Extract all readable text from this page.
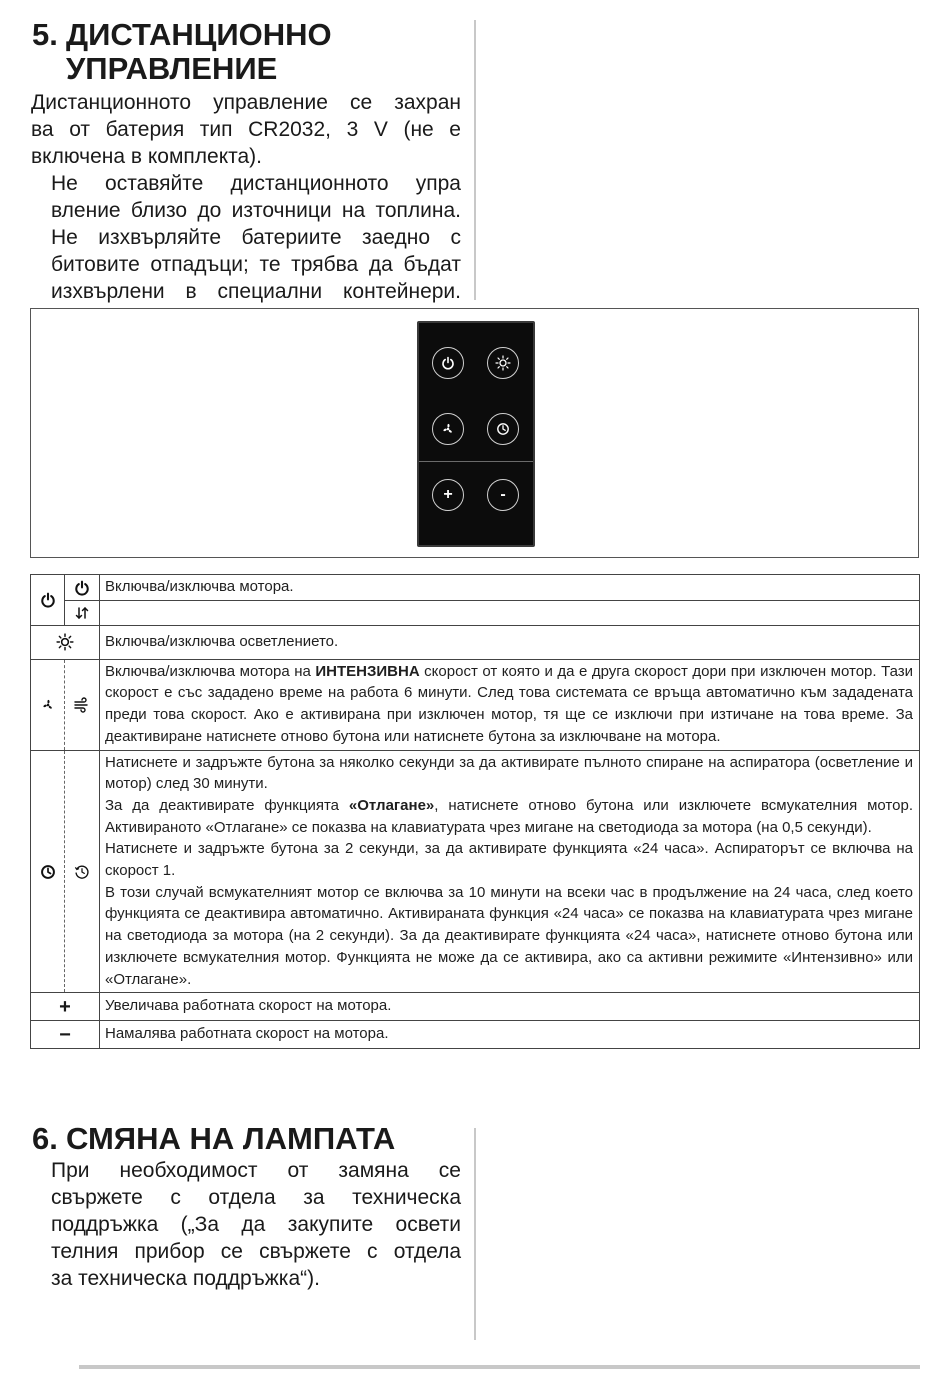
5. ДИСТАНЦИОННО
УПРАВЛЕНИЕ
Дистанционното управление се захран
ва от батерия тип CR2032, 3 V (не е
включена в комплекта).
Не оставяйте дистанционното упра
вление близо до източници на топлина.
Не изхвърляйте батериите заедно с
битовите отпадъци; те трябва да бъдат
изхвърлени в специални контейнери.
+	-
		Включва/изключва мотора.

	Включва/изключва осветлението.
		Включва/изключва мотора на ИНТЕНЗИВНА скорост от която и да е друга скорост дори при изключен мотор. Тази скорост е със зададено време на работа 6 минути. След това системата се връща автоматично към зададената преди това скорост. Ако е активирана при изключен мотор, тя ще се изключи при изтичане на това време. За деактивиране натиснете отново бутона или натиснете бутона за изключване на мотора.

Натиснете и задръжте бутона за няколко секунди за да активирате пълното спиране на аспиратора (осветление и мотор) след 30 минути.

За да деактивирате функцията «Отлагане», натиснете отново бутона или изключете всмукателния мотор. Активираното «Отлагане» се показва на клавиатурата чрез мигане на светодиода за мотора (на 0,5 секунди).

Натиснете и задръжте бутона за 2 секунди, за да активирате функцията «24 часа». Аспираторът се включва на скорост 1.

В този случай всмукателният мотор се включва за 10 минути на всеки час в продължение на 24 часа, след което функцията се деактивира автоматично. Активираната функция «24 часа» се показва на клавиатурата чрез мигане на светодиода за мотора (на 2 секунди). За да деактивирате функцията «24 часа», натиснете отново бутона или изключете всмукателния мотор. Функцията не може да се активира, ако са активни режимите «Интензивно» или «Отлагане».

+		Увеличава работната скорост на мотора.
−		Намалява работната скорост на мотора.
6. СМЯНА НА ЛАМПАТА
При необходимост от замяна се
свържете с отдела за техническа
поддръжка („За да закупите освети
телния прибор се свържете с отдела
за техническа поддръжка“).
